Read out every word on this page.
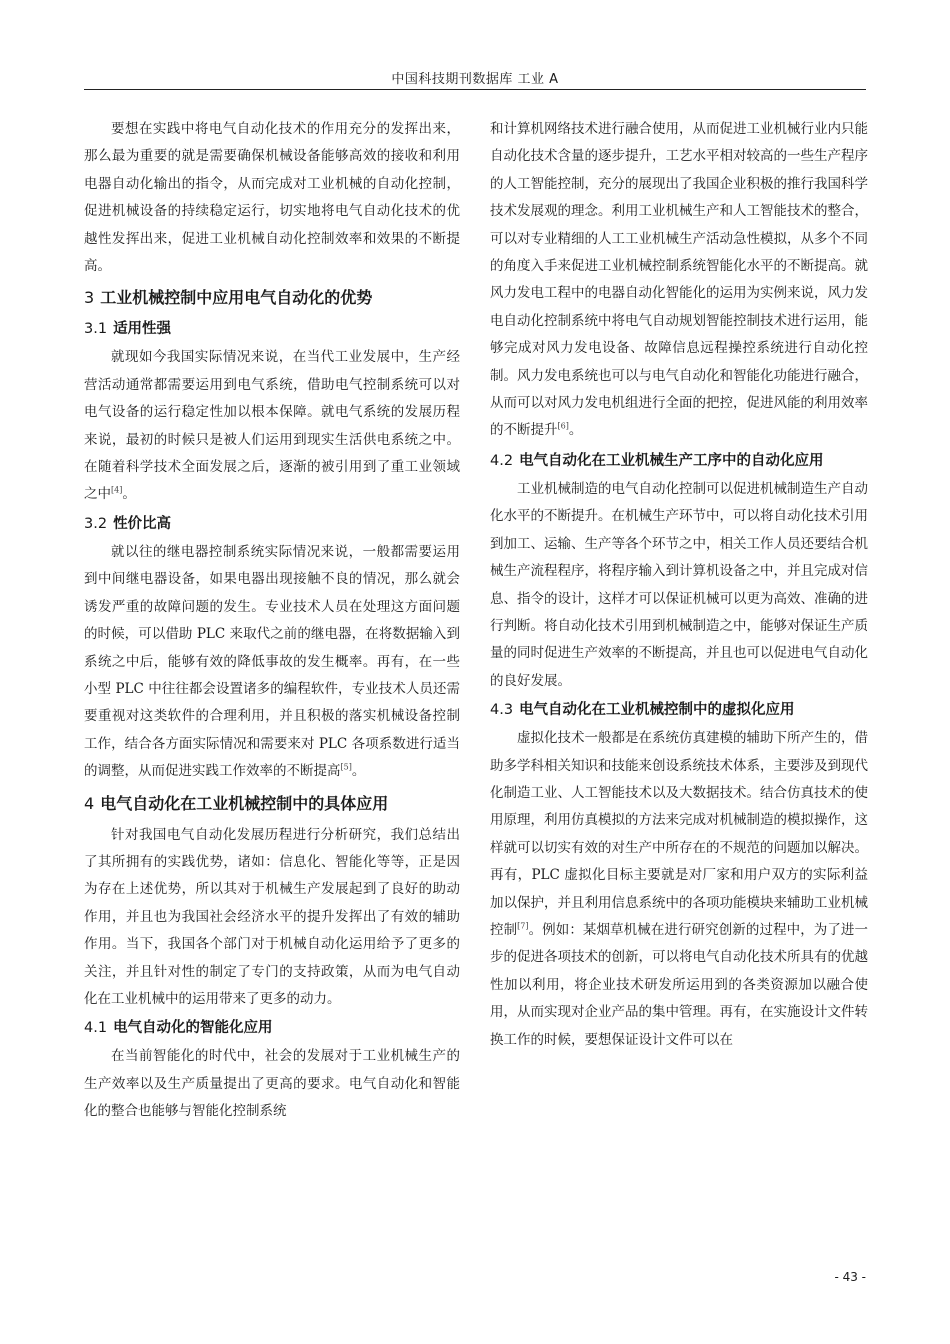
中国科技期刊数据库 工业 A

要想在实践中将电气自动化技术的作用充分的发挥出来，那么最为重要的就是需要确保机械设备能够高效的接收和利用电器自动化输出的指令，从而完成对工业机械的自动化控制，促进机械设备的持续稳定运行，切实地将电气自动化技术的优越性发挥出来，促进工业机械自动化控制效率和效果的不断提高。

3 工业机械控制中应用电气自动化的优势
3.1 适用性强

就现如今我国实际情况来说，在当代工业发展中，生产经营活动通常都需要运用到电气系统，借助电气控制系统可以对电气设备的运行稳定性加以根本保障。就电气系统的发展历程来说，最初的时候只是被人们运用到现实生活供电系统之中。在随着科学技术全面发展之后，逐渐的被引用到了重工业领域之中[4]。

3.2 性价比高

就以往的继电器控制系统实际情况来说，一般都需要运用到中间继电器设备，如果电器出现接触不良的情况，那么就会诱发严重的故障问题的发生。专业技术人员在处理这方面问题的时候，可以借助 PLC 来取代之前的继电器，在将数据输入到系统之中后，能够有效的降低事故的发生概率。再有，在一些小型 PLC 中往往都会设置诸多的编程软件，专业技术人员还需要重视对这类软件的合理利用，并且积极的落实机械设备控制工作，结合各方面实际情况和需要来对 PLC 各项系数进行适当的调整，从而促进实践工作效率的不断提高[5]。

4 电气自动化在工业机械控制中的具体应用

针对我国电气自动化发展历程进行分析研究，我们总结出了其所拥有的实践优势，诸如：信息化、智能化等等，正是因为存在上述优势，所以其对于机械生产发展起到了良好的助动作用，并且也为我国社会经济水平的提升发挥出了有效的辅助作用。当下，我国各个部门对于机械自动化运用给予了更多的关注，并且针对性的制定了专门的支持政策，从而为电气自动化在工业机械中的运用带来了更多的动力。

4.1 电气自动化的智能化应用

在当前智能化的时代中，社会的发展对于工业机械生产的生产效率以及生产质量提出了更高的要求。电气自动化和智能化的整合也能够与智能化控制系统

和计算机网络技术进行融合使用，从而促进工业机械行业内只能自动化技术含量的逐步提升，工艺水平相对较高的一些生产程序的人工智能控制，充分的展现出了我国企业积极的推行我国科学技术发展观的理念。利用工业机械生产和人工智能技术的整合，可以对专业精细的人工工业机械生产活动急性模拟，从多个不同的角度入手来促进工业机械控制系统智能化水平的不断提高。就风力发电工程中的电器自动化智能化的运用为实例来说，风力发电自动化控制系统中将电气自动规划智能控制技术进行运用，能够完成对风力发电设备、故障信息远程操控系统进行自动化控制。风力发电系统也可以与电气自动化和智能化功能进行融合，从而可以对风力发电机组进行全面的把控，促进风能的利用效率的不断提升[6]。

4.2 电气自动化在工业机械生产工序中的自动化应用

工业机械制造的电气自动化控制可以促进机械制造生产自动化水平的不断提升。在机械生产环节中，可以将自动化技术引用到加工、运输、生产等各个环节之中，相关工作人员还要结合机械生产流程程序，将程序输入到计算机设备之中，并且完成对信息、指令的设计，这样才可以保证机械可以更为高效、准确的进行判断。将自动化技术引用到机械制造之中，能够对保证生产质量的同时促进生产效率的不断提高，并且也可以促进电气自动化的良好发展。

4.3 电气自动化在工业机械控制中的虚拟化应用

虚拟化技术一般都是在系统仿真建模的辅助下所产生的，借助多学科相关知识和技能来创设系统技术体系，主要涉及到现代化制造工业、人工智能技术以及大数据技术。结合仿真技术的使用原理，利用仿真模拟的方法来完成对机械制造的模拟操作，这样就可以切实有效的对生产中所存在的不规范的问题加以解决。再有，PLC 虚拟化目标主要就是对厂家和用户双方的实际利益加以保护，并且利用信息系统中的各项功能模块来辅助工业机械控制[7]。例如：某烟草机械在进行研究创新的过程中，为了进一步的促进各项技术的创新，可以将电气自动化技术所具有的优越性加以利用，将企业技术研发所运用到的各类资源加以融合使用，从而实现对企业产品的集中管理。再有，在实施设计文件转换工作的时候，要想保证设计文件可以在

- 43 -
